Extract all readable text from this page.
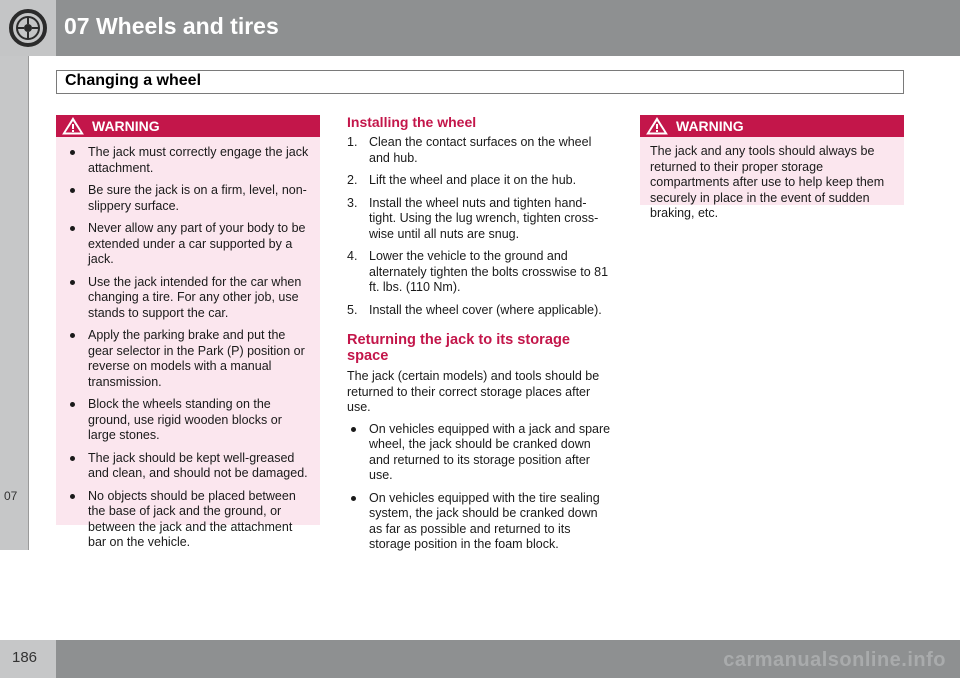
07 Wheels and tires
Changing a wheel
07
WARNING
The jack must correctly engage the jack attachment.
Be sure the jack is on a firm, level, non-slippery surface.
Never allow any part of your body to be extended under a car supported by a jack.
Use the jack intended for the car when changing a tire. For any other job, use stands to support the car.
Apply the parking brake and put the gear selector in the Park (P) position or reverse on models with a manual transmission.
Block the wheels standing on the ground, use rigid wooden blocks or large stones.
The jack should be kept well-greased and clean, and should not be damaged.
No objects should be placed between the base of jack and the ground, or between the jack and the attachment bar on the vehicle.
Installing the wheel
1. Clean the contact surfaces on the wheel and hub.
2. Lift the wheel and place it on the hub.
3. Install the wheel nuts and tighten hand-tight. Using the lug wrench, tighten cross-wise until all nuts are snug.
4. Lower the vehicle to the ground and alternately tighten the bolts crosswise to 81 ft. lbs. (110 Nm).
5. Install the wheel cover (where applicable).
Returning the jack to its storage space

The jack (certain models) and tools should be returned to their correct storage places after use.

On vehicles equipped with a jack and spare wheel, the jack should be cranked down and returned to its storage position after use.
On vehicles equipped with the tire sealing system, the jack should be cranked down as far as possible and returned to its storage position in the foam block.
WARNING

The jack and any tools should always be returned to their proper storage compartments after use to help keep them securely in place in the event of sudden braking, etc.

186	carmanualsonline.info
